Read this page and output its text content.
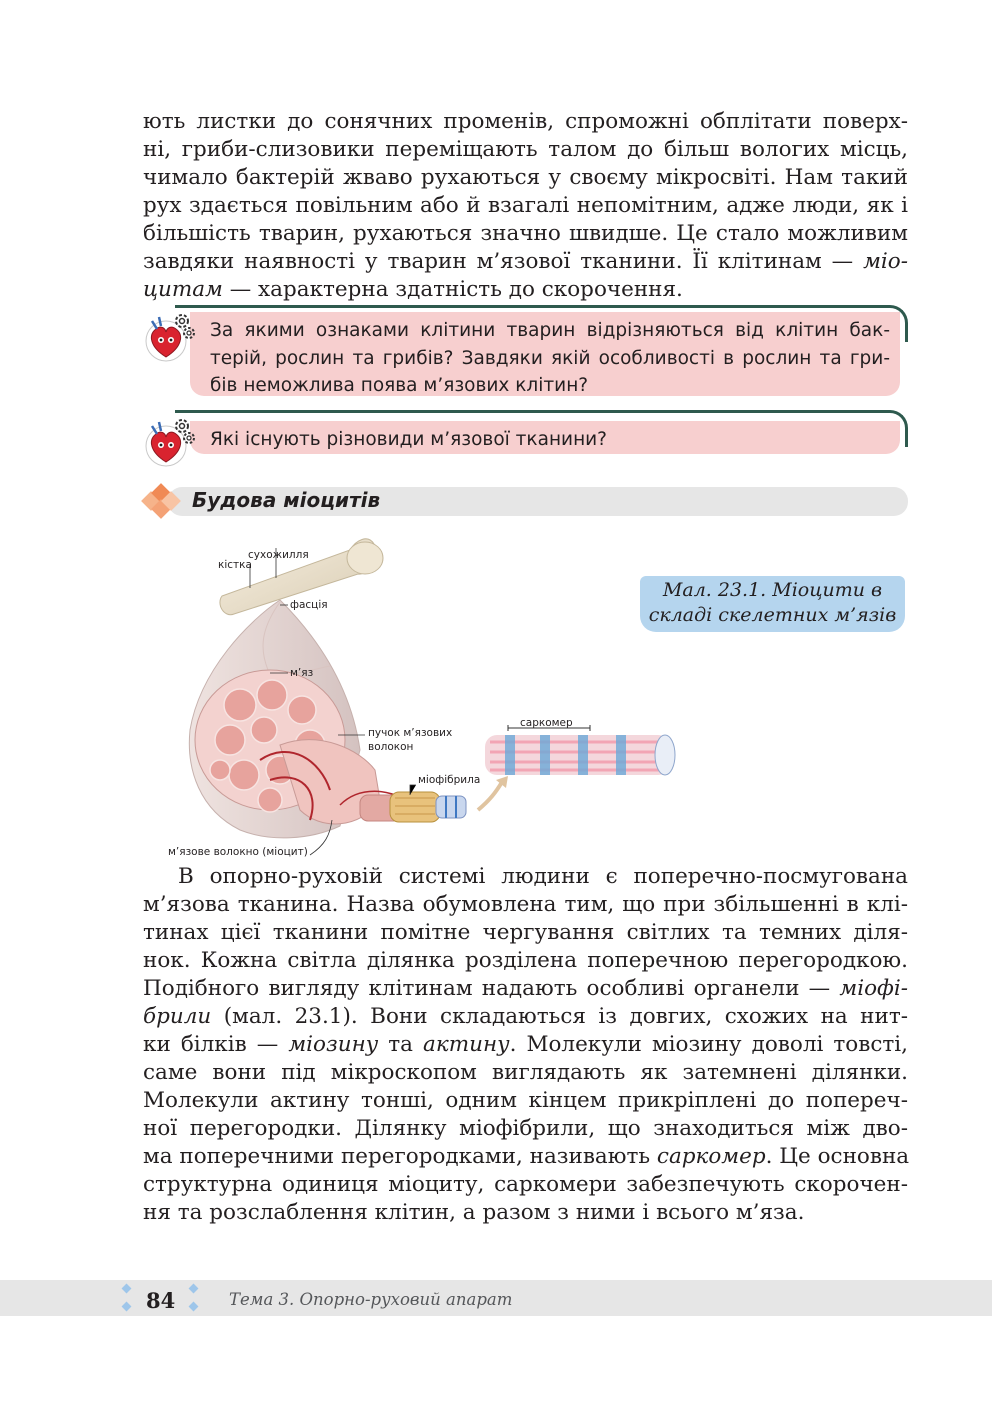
ють листки до сонячних променів, спроможні обплітати поверх-
ні, гриби-слизовики переміщають талом до більш вологих місць,
чимало бактерій жваво рухаються у своєму мікросвіті. Нам такий
рух здається повільним або й взагалі непомітним, адже люди, як і
більшість тварин, рухаються значно швидше. Це стало можливим
завдяки наявності у тварин м’язової тканини. Її клітинам — міо-
цитам — характерна здатність до скорочення.
За якими ознаками клітини тварин відрізняються від клітин бак-
терій, рослин та грибів? Завдяки якій особливості в рослин та гри-
бів неможлива поява м’язових клітин?
Які існують різновиди м’язової тканини?
Будова міоцитів
сухожилля
кістка
фасція
м’яз
пучок м’язових
волокон
саркомер
міофібрила
м’язове волокно (міоцит)
Мал. 23.1. Міоцити в
складі скелетних м’язів
В опорно-руховій системі людини є поперечно-посмугована
м’язова тканина. Назва обумовлена тим, що при збільшенні в клі-
тинах цієї тканини помітне чергування світлих та темних діля-
нок. Кожна світла ділянка розділена поперечною перегородкою.
Подібного вигляду клітинам надають особливі органели — міофі-
брили (мал. 23.1). Вони складаються із довгих, схожих на нит-
ки білків — міозину та актину. Молекули міозину доволі товсті,
саме вони під мікроскопом виглядають як затемнені ділянки.
Молекули актину тонші, одним кінцем прикріплені до попереч-
ної перегородки. Ділянку міофібрили, що знаходиться між дво-
ма поперечними перегородками, називають саркомер. Це основна
структурна одиниця міоциту, саркомери забезпечують скорочен-
ня та розслаблення клітин, а разом з ними і всього м’яза.
84	Тема 3. Опорно-руховий апарат
